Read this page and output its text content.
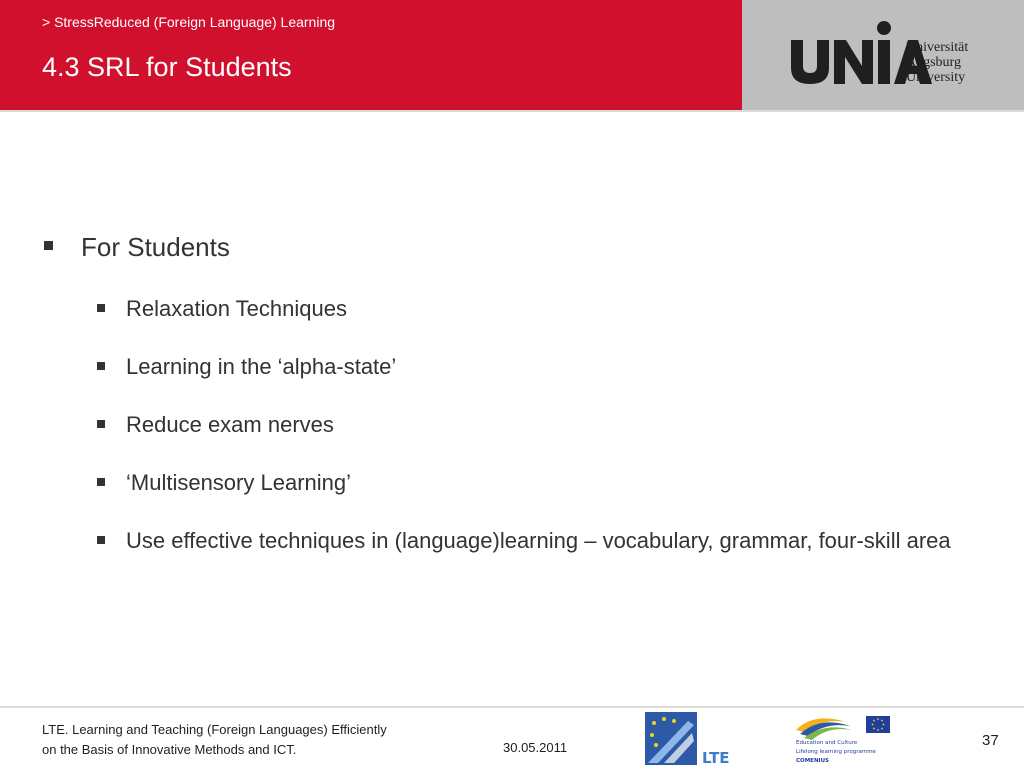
> StressReduced (Foreign Language) Learning
4.3 SRL for Students
Universität
Augsburg
University
For Students
Relaxation Techniques
Learning in the ‘alpha-state’
Reduce exam nerves
‘Multisensory Learning’
Use effective techniques in (language)learning – vocabulary, grammar, four-skill area
LTE. Learning and Teaching (Foreign Languages) Efficiently
on the Basis of Innovative Methods and ICT.	30.05.2011
LTE
Education and Culture
Lifelong learning programme
COMENIUS
37
